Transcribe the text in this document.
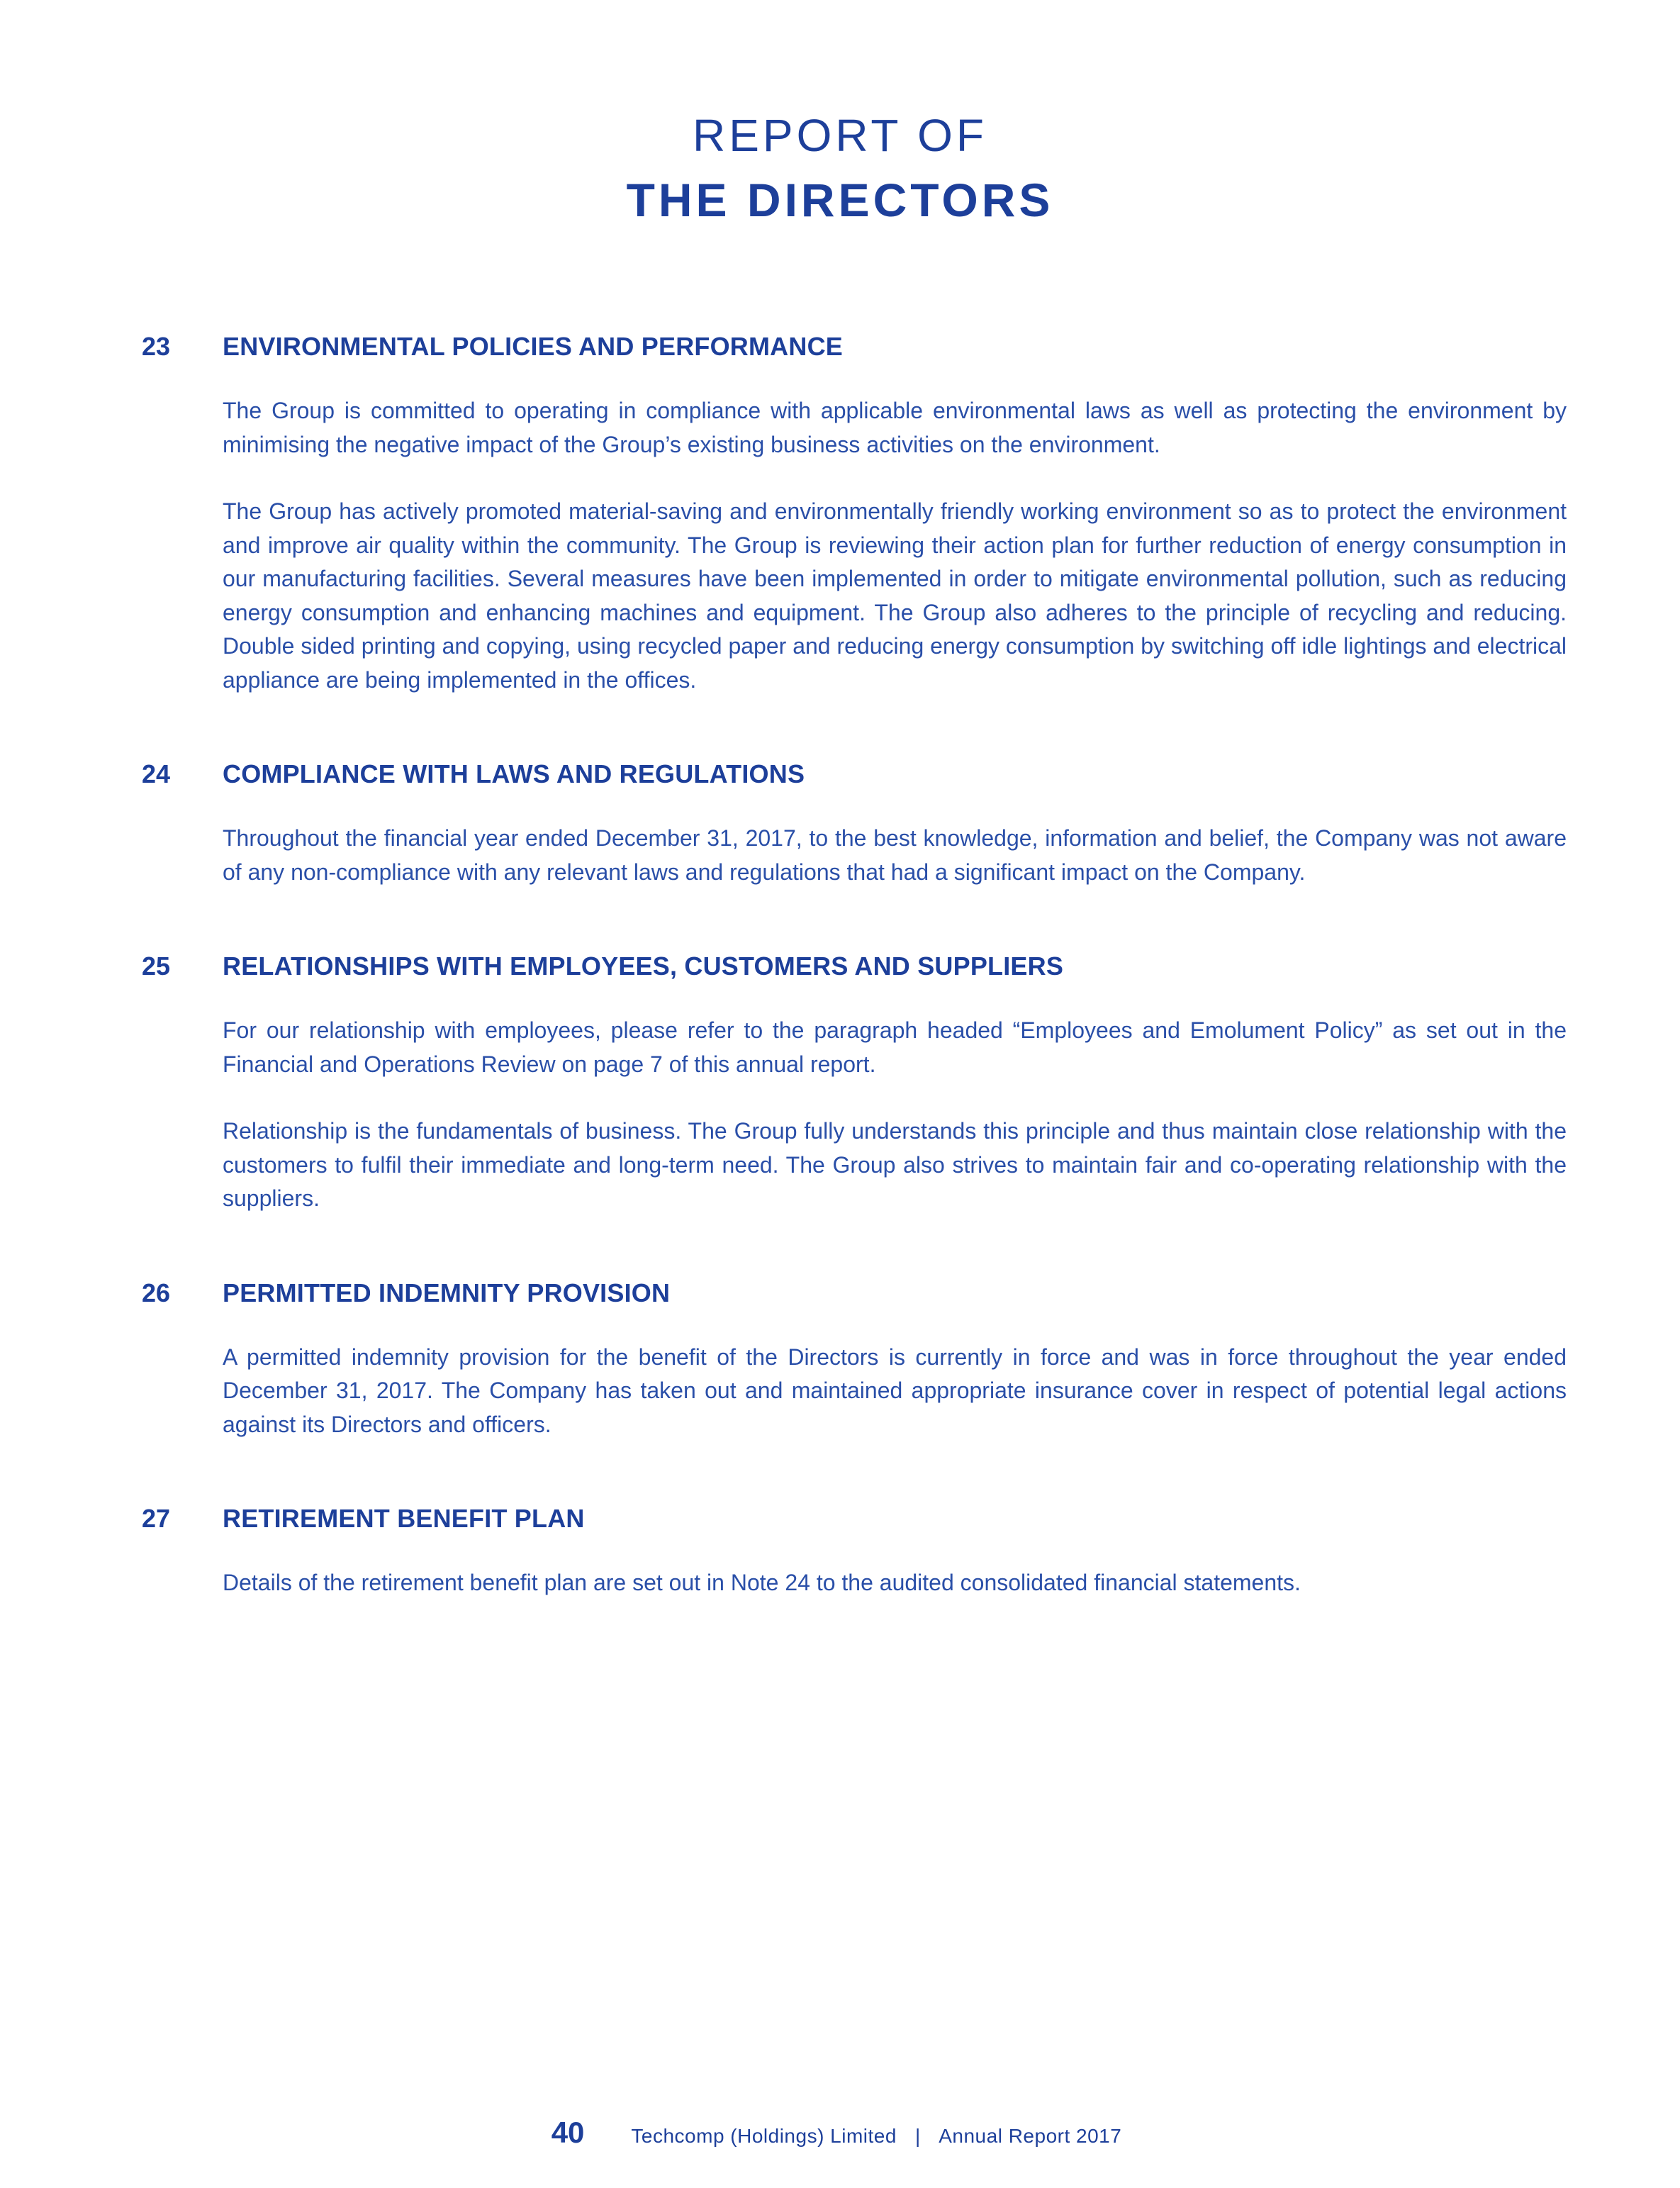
REPORT OF
THE DIRECTORS
23	ENVIRONMENTAL POLICIES AND PERFORMANCE

The Group is committed to operating in compliance with applicable environmental laws as well as protecting the environment by minimising the negative impact of the Group’s existing business activities on the environment.

The Group has actively promoted material-saving and environmentally friendly working environment so as to protect the environment and improve air quality within the community. The Group is reviewing their action plan for further reduction of energy consumption in our manufacturing facilities. Several measures have been implemented in order to mitigate environmental pollution, such as reducing energy consumption and enhancing machines and equipment. The Group also adheres to the principle of recycling and reducing. Double sided printing and copying, using recycled paper and reducing energy consumption by switching off idle lightings and electrical appliance are being implemented in the offices.

24	COMPLIANCE WITH LAWS AND REGULATIONS

Throughout the financial year ended December 31, 2017, to the best knowledge, information and belief, the Company was not aware of any non-compliance with any relevant laws and regulations that had a significant impact on the Company.

25	RELATIONSHIPS WITH EMPLOYEES, CUSTOMERS AND SUPPLIERS

For our relationship with employees, please refer to the paragraph headed “Employees and Emolument Policy” as set out in the Financial and Operations Review on page 7 of this annual report.

Relationship is the fundamentals of business. The Group fully understands this principle and thus maintain close relationship with the customers to fulfil their immediate and long-term need. The Group also strives to maintain fair and co-operating relationship with the suppliers.

26	PERMITTED INDEMNITY PROVISION

A permitted indemnity provision for the benefit of the Directors is currently in force and was in force throughout the year ended December 31, 2017. The Company has taken out and maintained appropriate insurance cover in respect of potential legal actions against its Directors and officers.

27	RETIREMENT BENEFIT PLAN

Details of the retirement benefit plan are set out in Note 24 to the audited consolidated financial statements.

40 Techcomp (Holdings) Limited | Annual Report 2017
